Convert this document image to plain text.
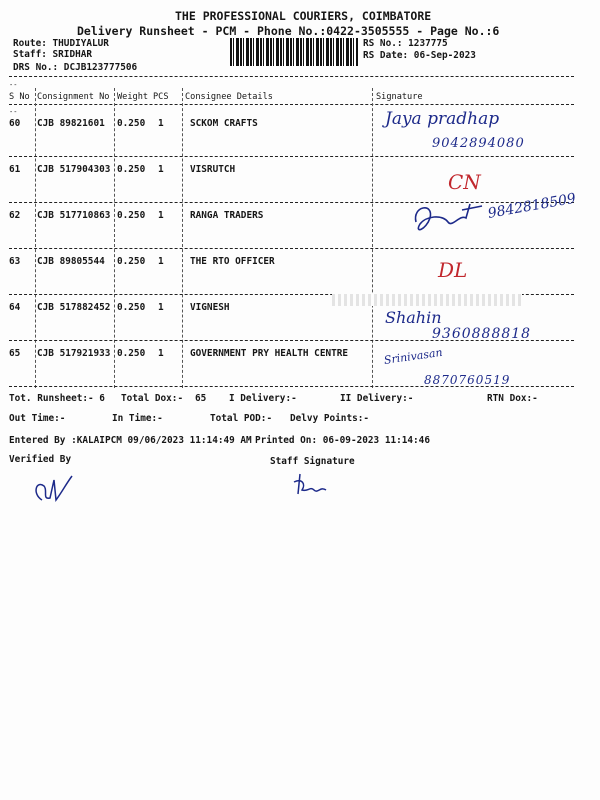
THE PROFESSIONAL COURIERS, COIMBATORE
Delivery Runsheet - PCM - Phone No.:0422-3505555 - Page No.:6
Route: THUDIYALUR
Staff: SRIDHAR
DRS No.: DCJB123777506
RS No.: 1237775
RS Date: 06-Sep-2023
--
S No Consignment No Weight PCS Consignee Details	Signature
--
60 CJB 89821601 0.250 1	SCKOM CRAFTS	Jaya pradhap
9042894080
61 CJB 517904303 0.250 1	VISRUTCH
CN
62 CJB 517710863 0.250 1	RANGA TRADERS	9842818509
63 CJB 89805544 0.250 1	THE RTO OFFICER	DL
64 CJB 517882452 0.250 1	VIGNESH
Shahin
9360888818
65 CJB 517921933 0.250 1	GOVERNMENT PRY HEALTH CENTRE	Srinivasan
8870760519
Tot. Runsheet:- 6 Total Dox:- 65 I Delivery:-	II Delivery:-	RTN Dox:-
Out Time:-	In Time:-	Total POD:- Delvy Points:-
Entered By :KALAIPCM 09/06/2023 11:14:49 AM Printed On: 06-09-2023 11:14:46
Verified By	Staff Signature
